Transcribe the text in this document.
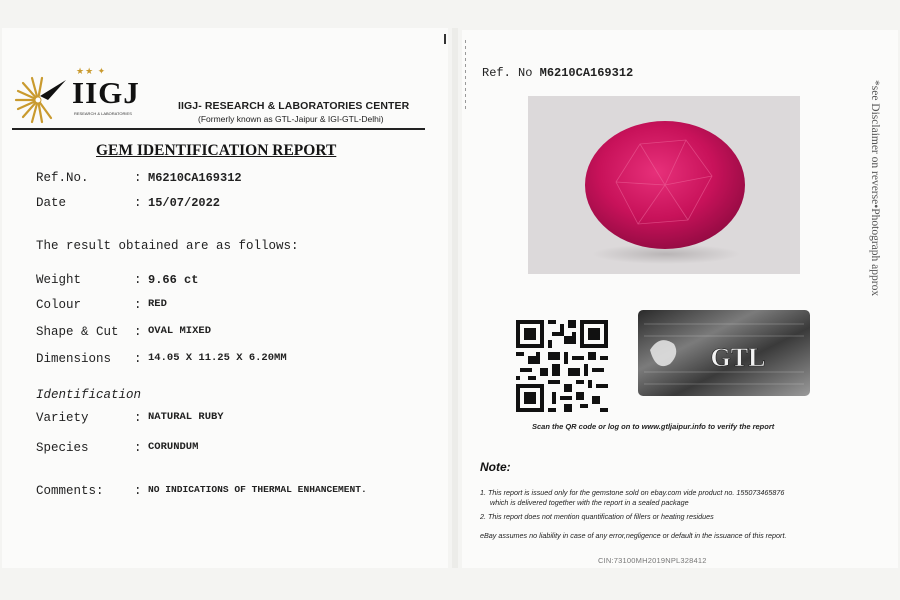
★★ ✦
IIGJ
RESEARCH & LABORATORIES
IIGJ- RESEARCH & LABORATORIES CENTER
(Formerly known as GTL-Jaipur & IGI-GTL-Delhi)
GEM IDENTIFICATION REPORT
Ref.No.	: M6210CA169312
Date	: 15/07/2022
The result obtained are as follows:
Weight	: 9.66 ct
Colour	: RED
Shape & Cut : OVAL MIXED
Dimensions : 14.05 X 11.25 X 6.20MM
Identification
Variety	: NATURAL RUBY
Species	: CORUNDUM
Comments: : NO INDICATIONS OF THERMAL ENHANCEMENT.
Ref. No M6210CA169312
GTL
Scan the QR code or log on to www.gtljaipur.info to verify the report
Note:
1. This report is issued only for the gemstone sold on ebay.com vide product no. 155073465876
which is delivered together with the report in a sealed package
2. This report does not mention quantification of fillers or heating residues
eBay assumes no liability in case of any error,negligence or default in the issuance of this report.
CIN:73100MH2019NPL328412
*see Disclaimer on reverse•Photograph approx
